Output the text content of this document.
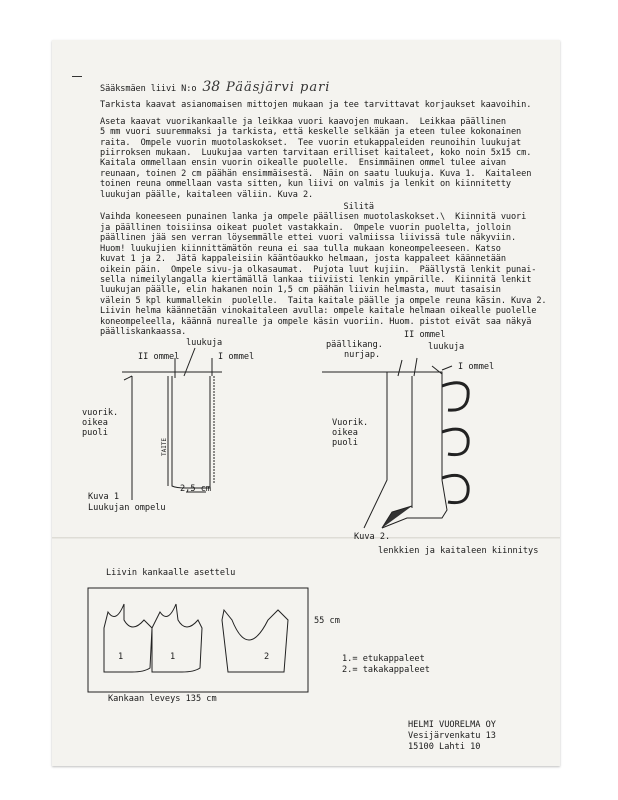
Sääksmäen liivi N:o 38 Pääsjärvi pari
Tarkista kaavat asianomaisen mittojen mukaan ja tee tarvittavat korjaukset kaavoihin.
Aseta kaavat vuorikankaalle ja leikkaa vuori kaavojen mukaan.  Leikkaa päällinen
5 mm vuori suuremmaksi ja tarkista, että keskelle selkään ja eteen tulee kokonainen
raita.  Ompele vuorin muotolaskokset.  Tee vuorin etukappaleiden reunoihin luukujat
piirroksen mukaan.  Luukujaa varten tarvitaan erilliset kaitaleet, koko noin 5x15 cm.
Kaitala ommellaan ensin vuorin oikealle puolelle.  Ensimmäinen ommel tulee aivan
reunaan, toinen 2 cm päähän ensimmäisestä.  Näin on saatu luukuja. Kuva 1.  Kaitaleen
toinen reuna ommellaan vasta sitten, kun liivi on valmis ja lenkit on kiinnitetty
luukujan päälle, kaitaleen väliin. Kuva 2.
Silitä
Vaihda koneeseen punainen lanka ja ompele päällisen muotolaskokset.\  Kiinnitä vuori
ja päällinen toisiinsa oikeat puolet vastakkain.  Ompele vuorin puolelta, jolloin
päällinen jää sen verran löysemmälle ettei vuori valmiissa liivissä tule näkyviin.
Huom! luukujien kiinnittämätön reuna ei saa tulla mukaan koneompeleeseen. Katso
kuvat 1 ja 2.  Jätä kappaleisiin kääntöaukko helmaan, josta kappaleet käännetään
oikein päin.  Ompele sivu-ja olkasaumat.  Pujota luut kujiin.  Päällystä lenkit punai-
sella nimeilylangalla kiertämällä lankaa tiiviisti lenkin ympärille.  Kiinnitä lenkit
luukujan päälle, elin hakanen noin 1,5 cm päähän liivin helmasta, muut tasaisin
välein 5 kpl kummallekin  puolelle.  Taita kaitale päälle ja ompele reuna käsin. Kuva 2.
Liivin helma käännetään vinokaitaleen avulla: ompele kaitale helmaan oikealle puolelle
koneompeleella, käännä nurealle ja ompele käsin vuoriin. Huom. pistot eivät saa näkyä
päälliskankaassa.
luukuja
II ommel	I ommel
vuorik.
oikea
puoli
TAITE
2,5 cm
Kuva 1
Luukujan ompelu
II ommel
päällikang.
nurjap.
luukuja
I ommel
Vuorik.
oikea
puoli
Kuva 2.
lenkkien ja kaitaleen kiinnitys
Liivin kankaalle asettelu
1	1	2
55 cm
Kankaan leveys 135 cm
1.= etukappaleet
2.= takakappaleet
HELMI VUORELMA OY
Vesijärvenkatu 13
15100 Lahti 10
